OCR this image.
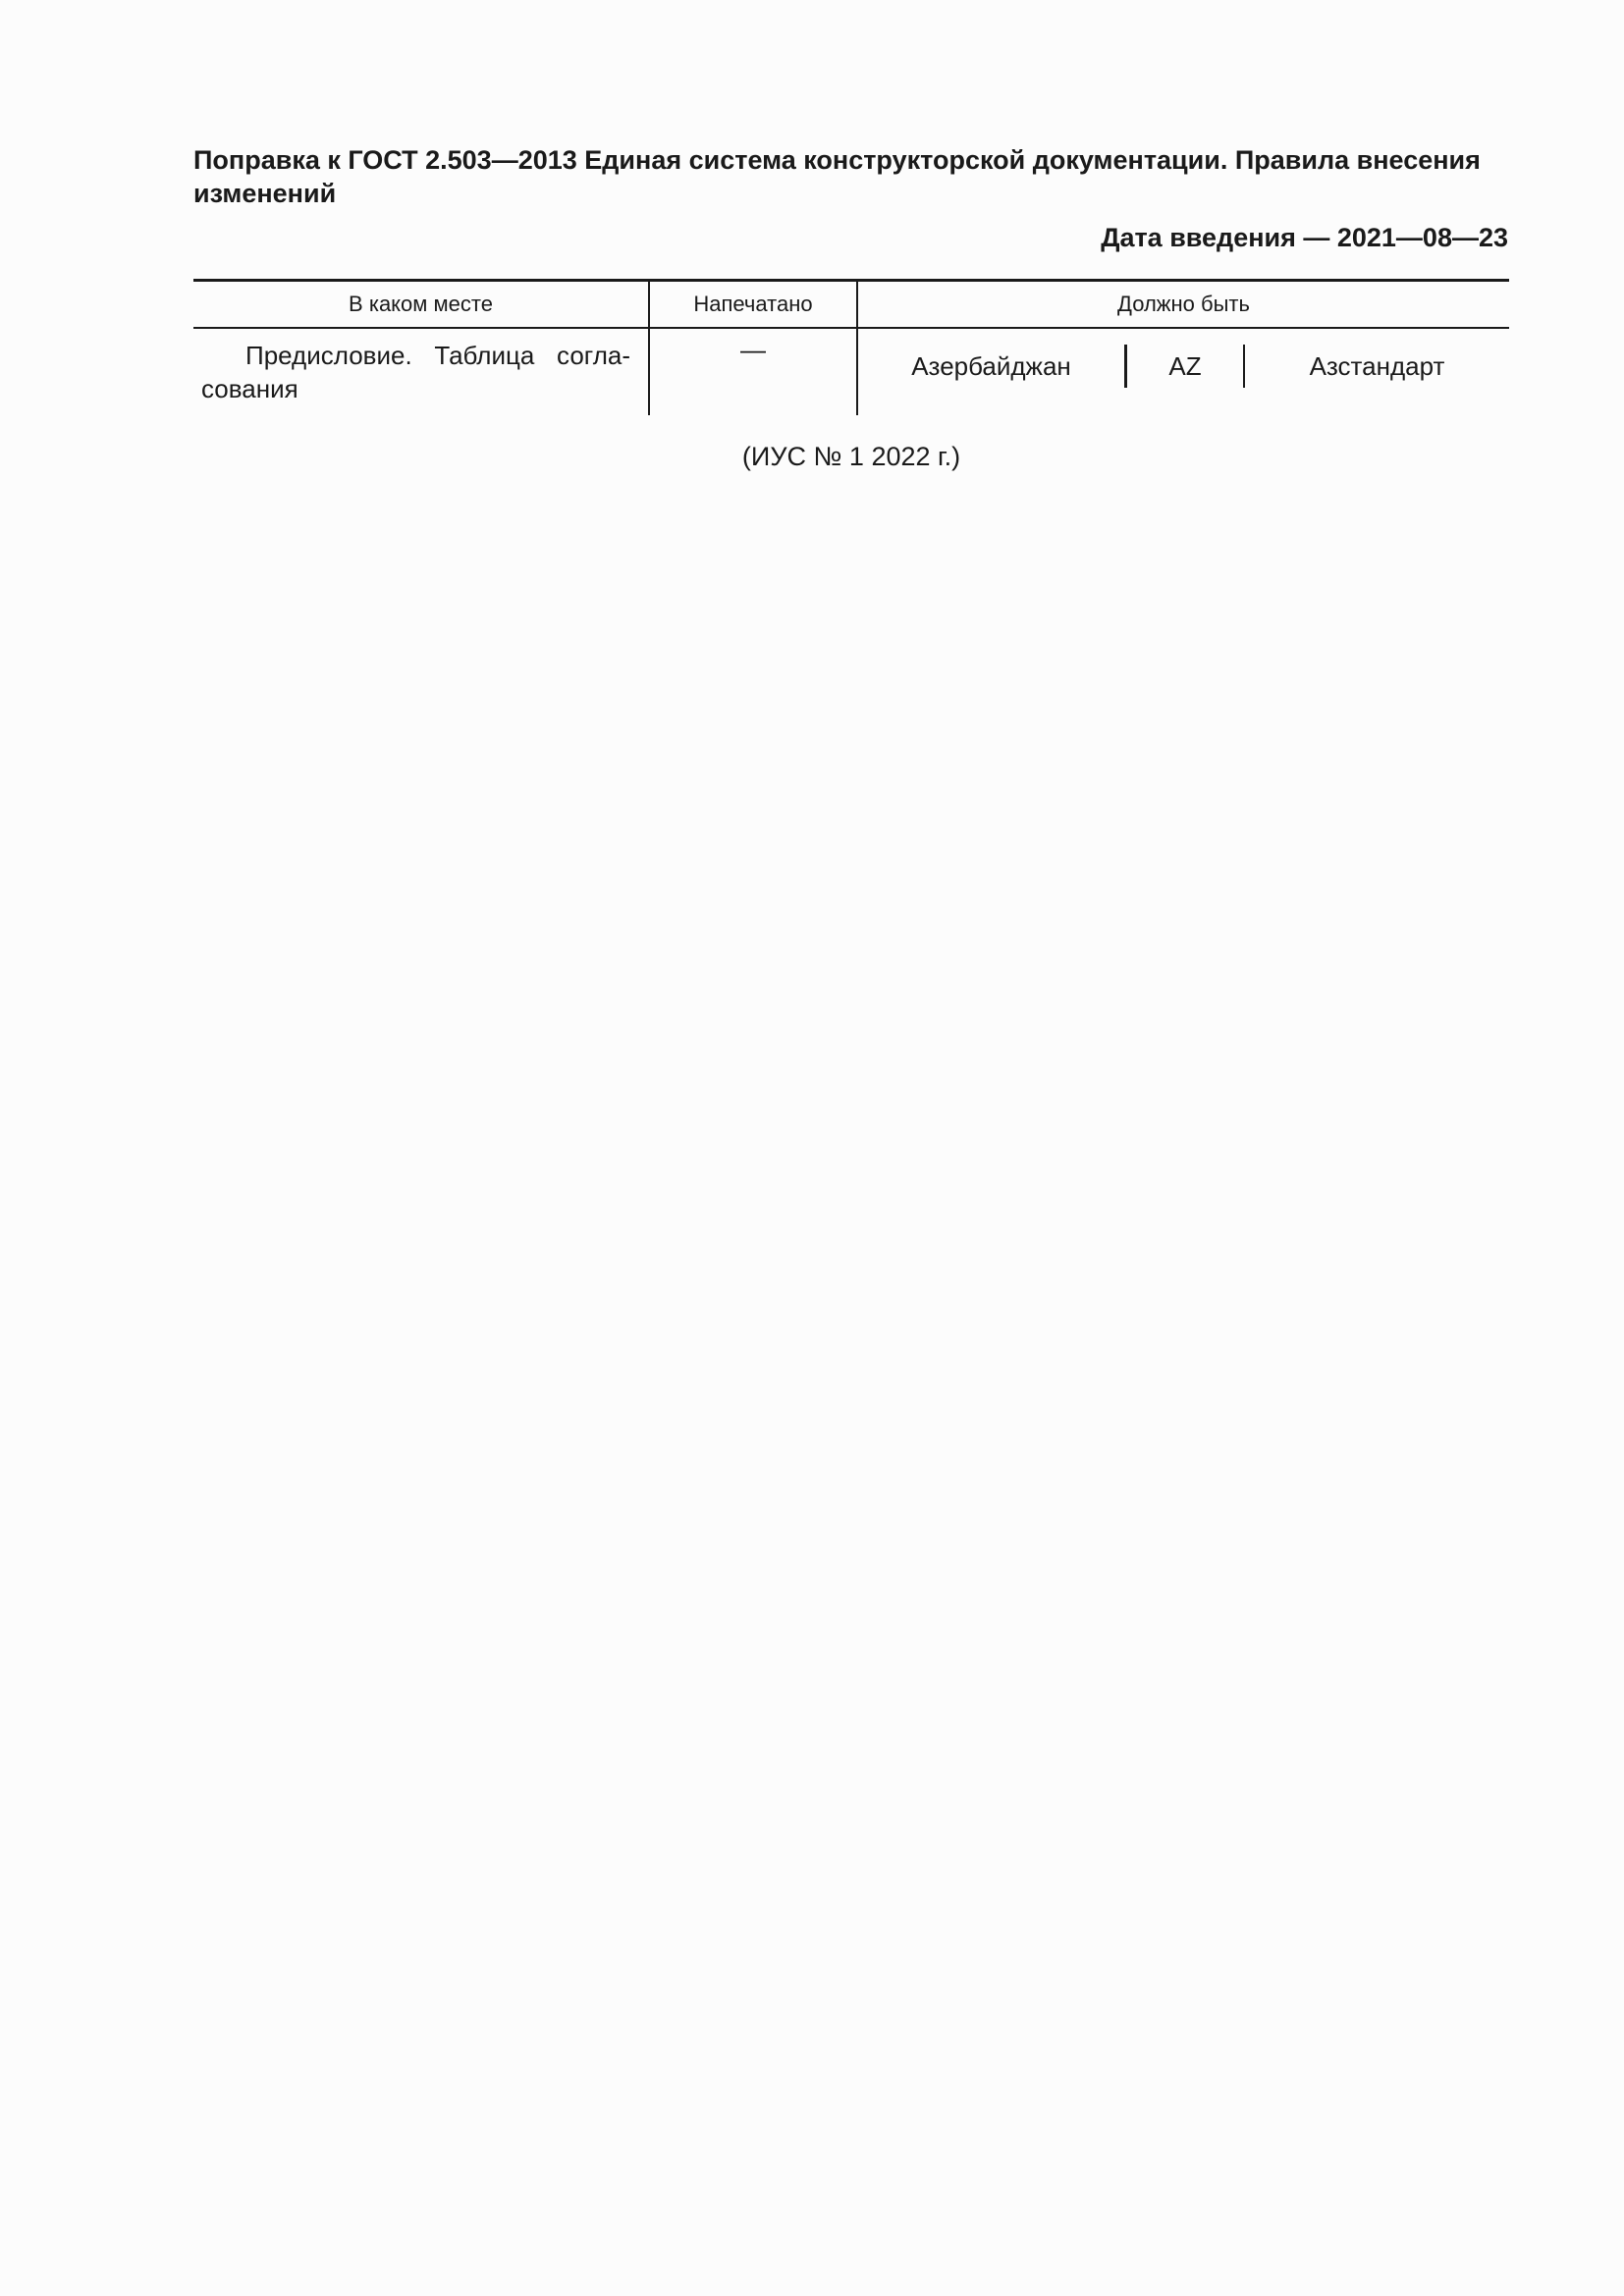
Поправка к ГОСТ 2.503—2013 Единая система конструкторской документации. Правила внесения изменений

Дата введения — 2021—08—23

В каком месте	Напечатано	Должно быть

Предисловие. Таблица согла-сования	—	Азербайджан AZ Азстандарт

(ИУС № 1 2022 г.)
